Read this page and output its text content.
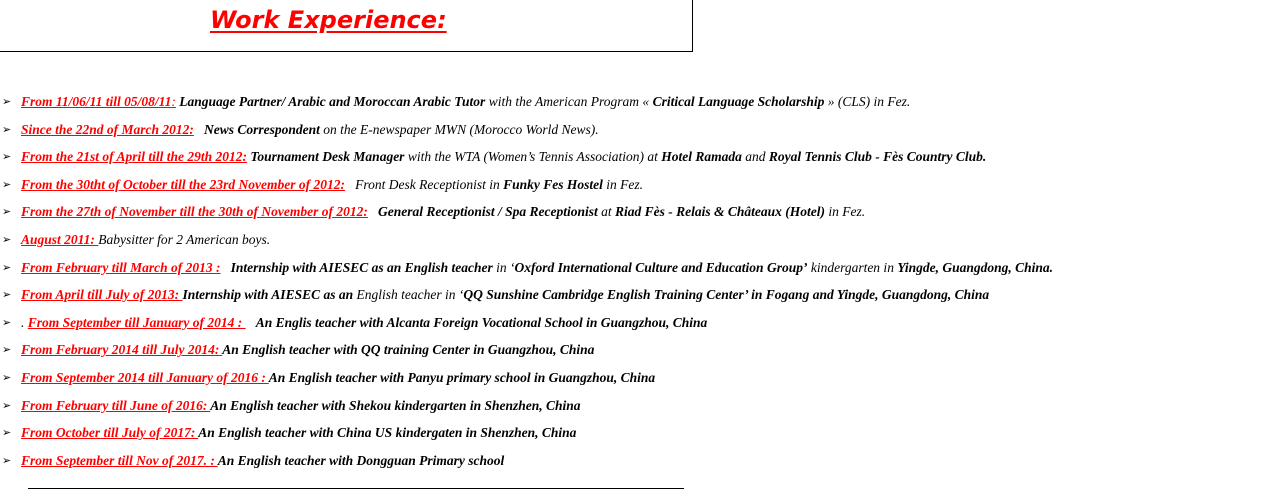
Work Experience:
➢ From 11/06/11 till 05/08/11: Language Partner/ Arabic and Moroccan Arabic Tutor with the American Program « Critical Language Scholarship » (CLS) in Fez.
➢ Since the 22nd of March 2012: News Correspondent on the E-newspaper MWN (Morocco World News).
➢ From the 21st of April till the 29th 2012: Tournament Desk Manager with the WTA (Women’s Tennis Association) at Hotel Ramada and Royal Tennis Club - Fès Country Club.
➢ From the 30tht of October till the 23rd November of 2012: Front Desk Receptionist in Funky Fes Hostel in Fez.
➢ From the 27th of November till the 30th of November of 2012: General Receptionist / Spa Receptionist at Riad Fès - Relais & Châteaux (Hotel) in Fez.
➢ August 2011: Babysitter for 2 American boys.
➢ From February till March of 2013 : Internship with AIESEC as an English teacher in ‘Oxford International Culture and Education Group’ kindergarten in Yingde, Guangdong, China.
➢ From April till July of 2013: Internship with AIESEC as an English teacher in ‘QQ Sunshine Cambridge English Training Center’ in Fogang and Yingde, Guangdong, China
➢ . From September till January of 2014 :    An Englis teacher with Alcanta Foreign Vocational School in Guangzhou, China
➢ From February 2014 till July 2014: An English teacher with QQ training Center in Guangzhou, China
➢ From September 2014 till January of 2016 : An English teacher with Panyu primary school in Guangzhou, China
➢ From February till June of 2016: An English teacher with Shekou kindergarten in Shenzhen, China
➢ From October till July of 2017: An English teacher with China US kindergaten in Shenzhen, China
➢ From September till Nov of 2017. : An English teacher with Dongguan Primary school
